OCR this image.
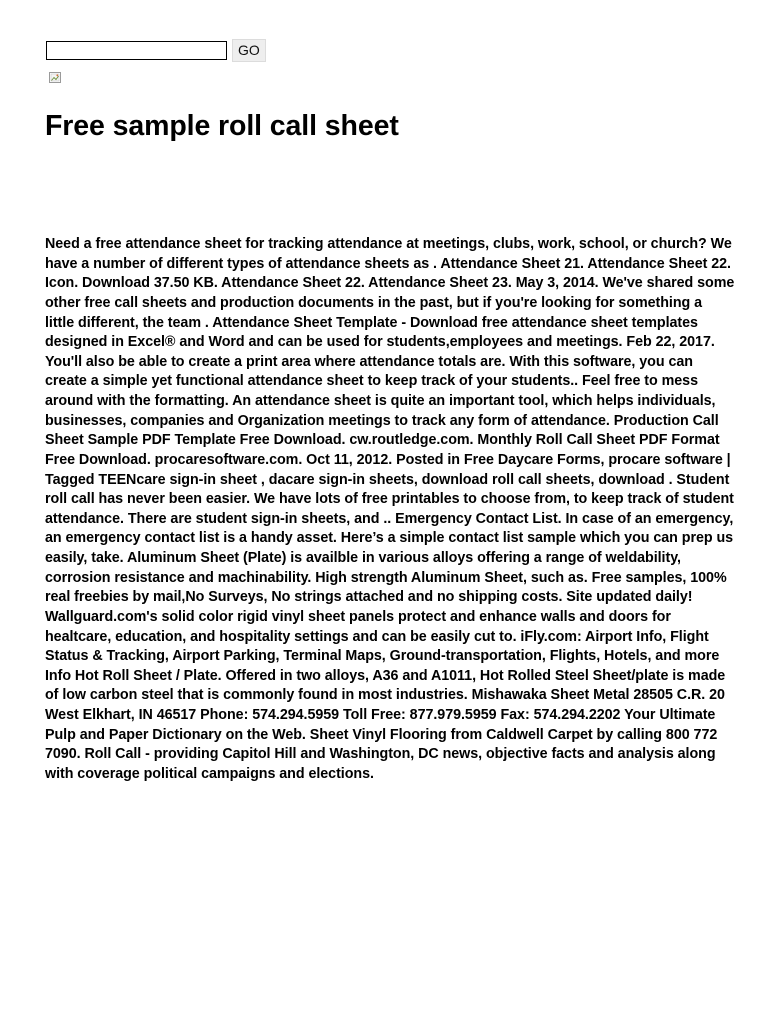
GO
Free sample roll call sheet

Need a free attendance sheet for tracking attendance at meetings, clubs, work, school, or church? We have a number of different types of attendance sheets as . Attendance Sheet 21. Attendance Sheet 22. Icon. Download 37.50 KB. Attendance Sheet 22. Attendance Sheet 23. May 3, 2014. We've shared some other free call sheets and production documents in the past, but if you're looking for something a little different, the team . Attendance Sheet Template - Download free attendance sheet templates designed in Excel® and Word and can be used for students,employees and meetings. Feb 22, 2017. You'll also be able to create a print area where attendance totals are. With this software, you can create a simple yet functional attendance sheet to keep track of your students.. Feel free to mess around with the formatting. An attendance sheet is quite an important tool, which helps individuals, businesses, companies and Organization meetings to track any form of attendance. Production Call Sheet Sample PDF Template Free Download. cw.routledge.com. Monthly Roll Call Sheet PDF Format Free Download. procaresoftware.com. Oct 11, 2012. Posted in Free Daycare Forms, procare software | Tagged TEENcare sign-in sheet , dacare sign-in sheets, download roll call sheets, download . Student roll call has never been easier. We have lots of free printables to choose from, to keep track of student attendance. There are student sign-in sheets, and .. Emergency Contact List. In case of an emergency, an emergency contact list is a handy asset. Here’s a simple contact list sample which you can prep us easily, take. Aluminum Sheet (Plate) is availble in various alloys offering a range of weldability, corrosion resistance and machinability. High strength Aluminum Sheet, such as. Free samples, 100% real freebies by mail,No Surveys, No strings attached and no shipping costs. Site updated daily! Wallguard.com's solid color rigid vinyl sheet panels protect and enhance walls and doors for healtcare, education, and hospitality settings and can be easily cut to. iFly.com: Airport Info, Flight Status & Tracking, Airport Parking, Terminal Maps, Ground-transportation, Flights, Hotels, and more Info Hot Roll Sheet / Plate. Offered in two alloys, A36 and A1011, Hot Rolled Steel Sheet/plate is made of low carbon steel that is commonly found in most industries. Mishawaka Sheet Metal 28505 C.R. 20 West Elkhart, IN 46517 Phone: 574.294.5959 Toll Free: 877.979.5959 Fax: 574.294.2202 Your Ultimate Pulp and Paper Dictionary on the Web. Sheet Vinyl Flooring from Caldwell Carpet by calling 800 772 7090. Roll Call - providing Capitol Hill and Washington, DC news, objective facts and analysis along with coverage political campaigns and elections.
